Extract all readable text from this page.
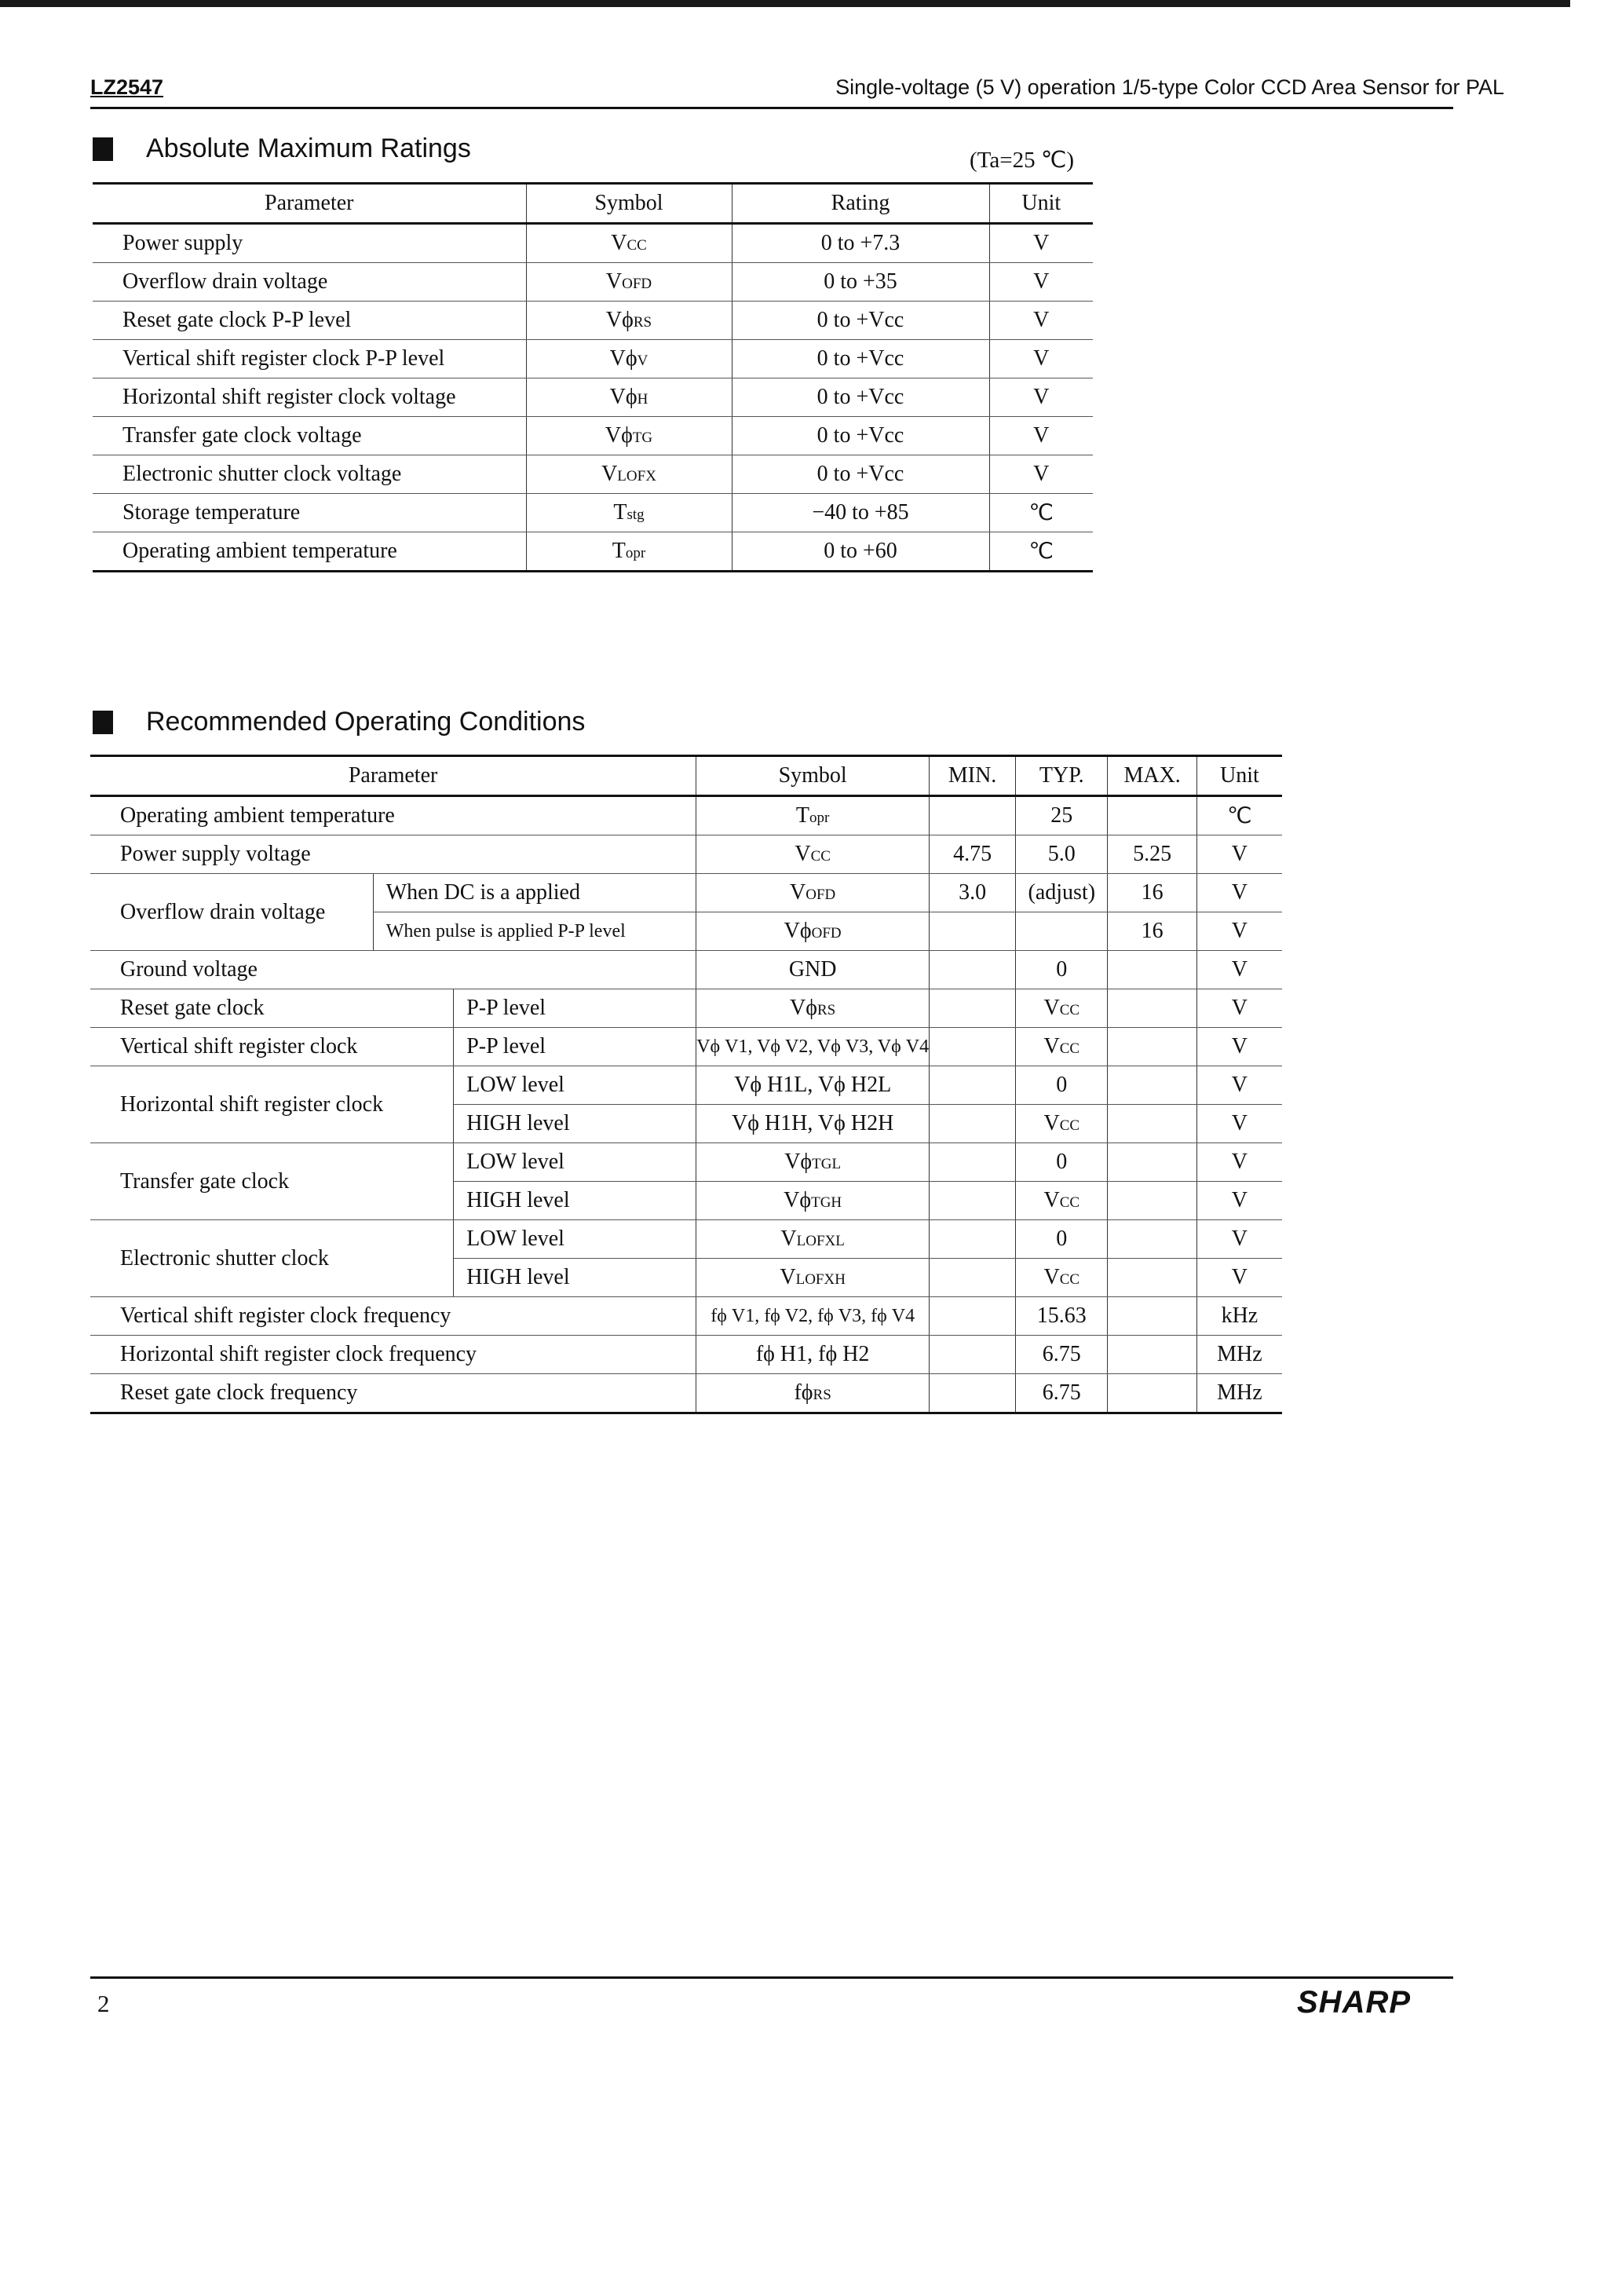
LZ2547	Single-voltage (5 V) operation 1/5-type Color CCD Area Sensor for PAL
Absolute Maximum Ratings	(Ta=25 ℃)
Parameter	Symbol	Rating	Unit
Power supply	VCC	0 to +7.3	V
Overflow drain voltage	VOFD	0 to +35	V
Reset gate clock P-P level	VϕRS	0 to +Vcc	V
Vertical shift register clock P-P level	VϕV	0 to +Vcc	V
Horizontal shift register clock voltage	VϕH	0 to +Vcc	V
Transfer gate clock voltage	VϕTG	0 to +Vcc	V
Electronic shutter clock voltage	VLOFX	0 to +Vcc	V
Storage temperature	Tstg	−40 to +85	℃
Operating ambient temperature	Topr	0 to +60	℃
Recommended Operating Conditions
Parameter			Symbol	MIN.	TYP.	MAX.	Unit
Operating ambient temperature			Topr		25		℃
Power supply voltage			VCC	4.75	5.0	5.25	V
Overflow drain voltage	When DC is a applied		VOFD	3.0	(adjust)	16	V
	When pulse is applied P-P level		VϕOFD			16	V
Ground voltage			GND		0		V
Reset gate clock		P-P level	VϕRS		VCC		V
Vertical shift register clock		P-P level	Vϕ V1, Vϕ V2, Vϕ V3, Vϕ V4		VCC		V
Horizontal shift register clock		LOW level	Vϕ H1L, Vϕ H2L		0		V
		HIGH level	Vϕ H1H, Vϕ H2H		VCC		V
Transfer gate clock		LOW level	VϕTGL		0		V
		HIGH level	VϕTGH		VCC		V
Electronic shutter clock		LOW level	VLOFXL		0		V
		HIGH level	VLOFXH		VCC		V
Vertical shift register clock frequency			fϕ V1, fϕ V2, fϕ V3, fϕ V4		15.63		kHz
Horizontal shift register clock frequency			fϕ H1, fϕ H2		6.75		MHz
Reset gate clock frequency			fϕRS		6.75		MHz
2	SHARP
